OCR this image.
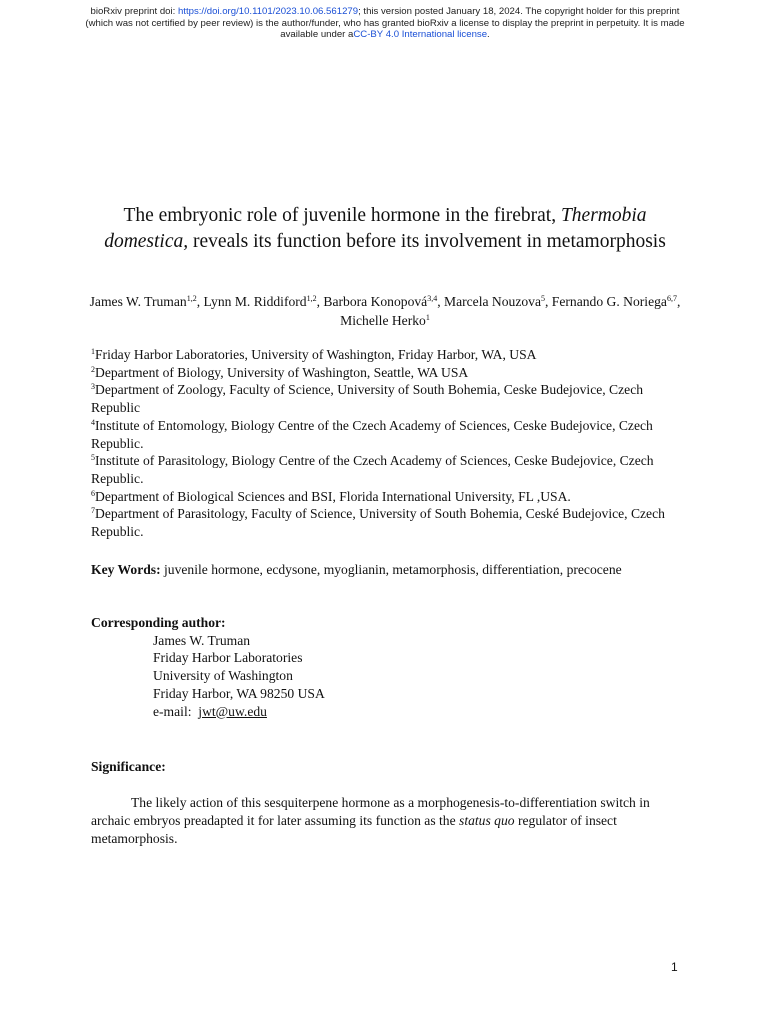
bioRxiv preprint doi: https://doi.org/10.1101/2023.10.06.561279; this version posted January 18, 2024. The copyright holder for this preprint
(which was not certified by peer review) is the author/funder, who has granted bioRxiv a license to display the preprint in perpetuity. It is made
available under aCC-BY 4.0 International license.
The embryonic role of juvenile hormone in the firebrat, Thermobia
domestica, reveals its function before its involvement in metamorphosis
James W. Truman$^{1,2}$, Lynn M. Riddiford$^{1,2}$, Barbora Konopová$^{3,4}$, Marcela Nouzova$^5$, Fernando G. Noriega$^{6,7}$, Michelle Herko$^1$
$^1$Friday Harbor Laboratories, University of Washington, Friday Harbor, WA, USA
$^2$Department of Biology, University of Washington, Seattle, WA USA
$^3$Department of Zoology, Faculty of Science, University of South Bohemia, Ceske Budejovice, Czech Republic
$^4$Institute of Entomology, Biology Centre of the Czech Academy of Sciences, Ceske Budejovice, Czech Republic.
$^5$Institute of Parasitology, Biology Centre of the Czech Academy of Sciences, Ceske Budejovice, Czech Republic.
$^6$Department of Biological Sciences and BSI, Florida International University, FL ,USA.
$^7$Department of Parasitology, Faculty of Science, University of South Bohemia, Ceské Budejovice, Czech Republic.
Key Words: juvenile hormone, ecdysone, myoglianin, metamorphosis, differentiation, precocene
Corresponding author:
James W. Truman
Friday Harbor Laboratories
University of Washington
Friday Harbor, WA 98250 USA
e-mail:  jwt@uw.edu
Significance:
The likely action of this sesquiterpene hormone as a morphogenesis-to-differentiation switch in archaic embryos preadapted it for later assuming its function as the status quo regulator of insect metamorphosis.
1
